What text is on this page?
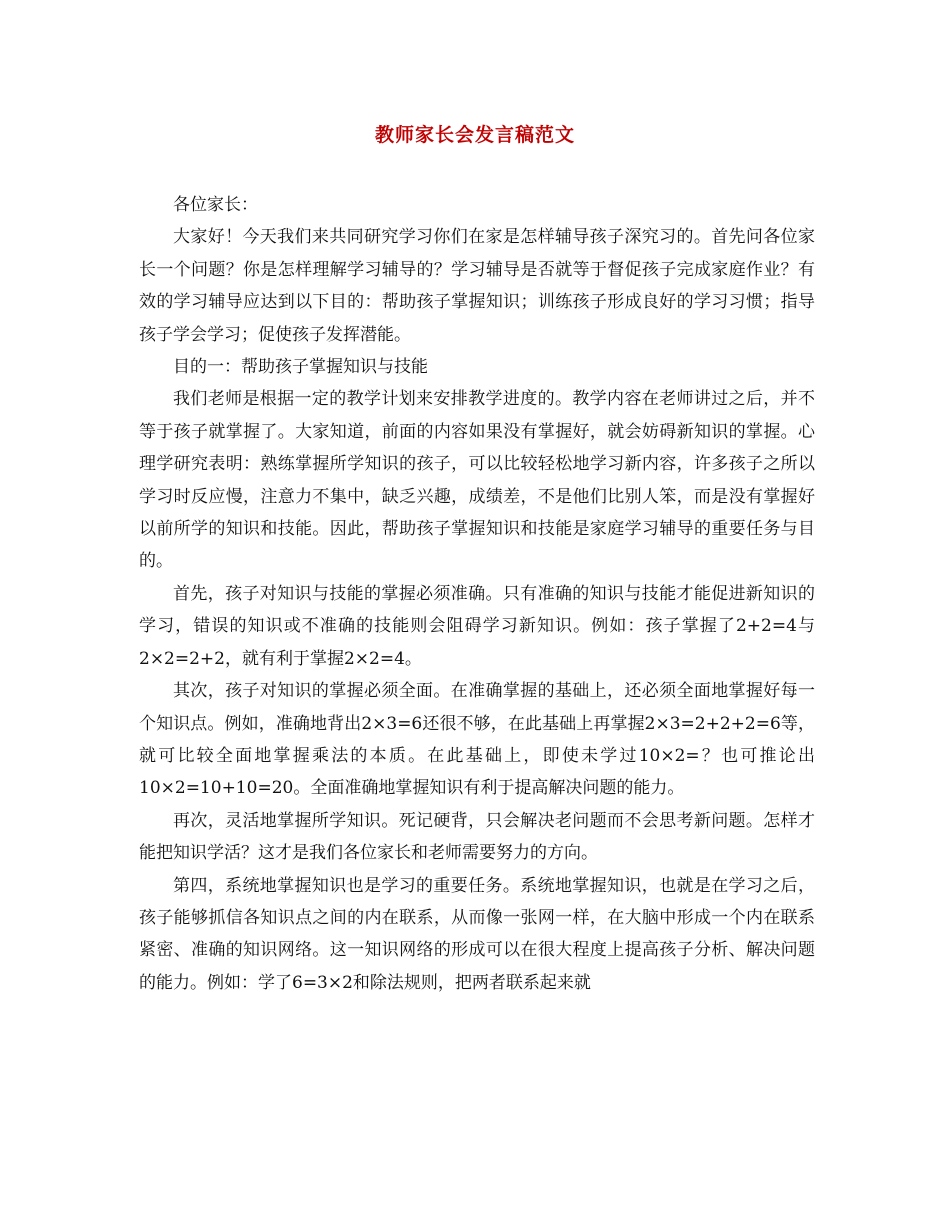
教师家长会发言稿范文

各位家长：

大家好！今天我们来共同研究学习你们在家是怎样辅导孩子深究习的。首先问各位家长一个问题？你是怎样理解学习辅导的？学习辅导是否就等于督促孩子完成家庭作业？有效的学习辅导应达到以下目的：帮助孩子掌握知识；训练孩子形成良好的学习习惯；指导孩子学会学习；促使孩子发挥潜能。

目的一：帮助孩子掌握知识与技能

我们老师是根据一定的教学计划来安排教学进度的。教学内容在老师讲过之后，并不等于孩子就掌握了。大家知道，前面的内容如果没有掌握好，就会妨碍新知识的掌握。心理学研究表明：熟练掌握所学知识的孩子，可以比较轻松地学习新内容，许多孩子之所以学习时反应慢，注意力不集中，缺乏兴趣，成绩差，不是他们比别人笨，而是没有掌握好以前所学的知识和技能。因此，帮助孩子掌握知识和技能是家庭学习辅导的重要任务与目的。

首先，孩子对知识与技能的掌握必须准确。只有准确的知识与技能才能促进新知识的学习，错误的知识或不准确的技能则会阻碍学习新知识。例如：孩子掌握了2+2=4与2×2=2+2，就有利于掌握2×2=4。

其次，孩子对知识的掌握必须全面。在准确掌握的基础上，还必须全面地掌握好每一个知识点。例如，准确地背出2×3=6还很不够，在此基础上再掌握2×3=2+2+2=6等，就可比较全面地掌握乘法的本质。在此基础上，即使未学过10×2=？也可推论出10×2=10+10=20。全面准确地掌握知识有利于提高解决问题的能力。

再次，灵活地掌握所学知识。死记硬背，只会解决老问题而不会思考新问题。怎样才能把知识学活？这才是我们各位家长和老师需要努力的方向。

第四，系统地掌握知识也是学习的重要任务。系统地掌握知识，也就是在学习之后，孩子能够抓信各知识点之间的内在联系，从而像一张网一样，在大脑中形成一个内在联系紧密、准确的知识网络。这一知识网络的形成可以在很大程度上提高孩子分析、解决问题的能力。例如：学了6=3×2和除法规则，把两者联系起来就
